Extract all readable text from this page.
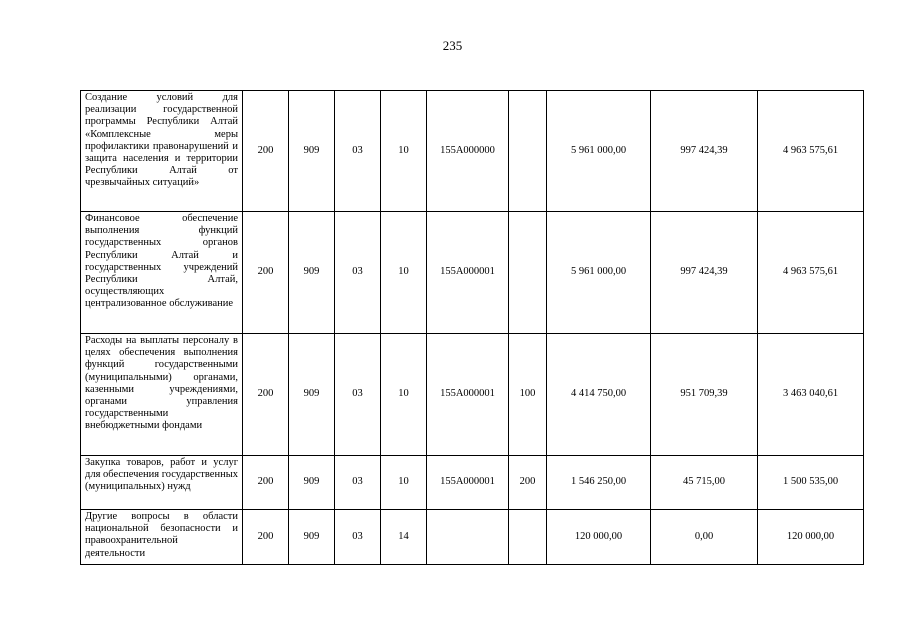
235
Создание условий для реализации государственной программы Республики Алтай «Комплексные меры профилактики правонарушений и защита населения и территории Республики Алтай от чрезвычайных ситуаций»	200	909	03	10	155А000000		5 961 000,00	997 424,39	4 963 575,61
Финансовое обеспечение выполнения функций государственных органов Республики Алтай и государственных учреждений Республики Алтай, осуществляющих централизованное обслуживание	200	909	03	10	155А000001		5 961 000,00	997 424,39	4 963 575,61
Расходы на выплаты персоналу в целях обеспечения выполнения функций государственными (муниципальными) органами, казенными учреждениями, органами управления государственными внебюджетными фондами	200	909	03	10	155А000001	100	4 414 750,00	951 709,39	3 463 040,61
Закупка товаров, работ и услуг для обеспечения государственных (муниципальных) нужд	200	909	03	10	155А000001	200	1 546 250,00	45 715,00	1 500 535,00
Другие вопросы в области национальной безопасности и правоохранительной деятельности	200	909	03	14			120 000,00	0,00	120 000,00
